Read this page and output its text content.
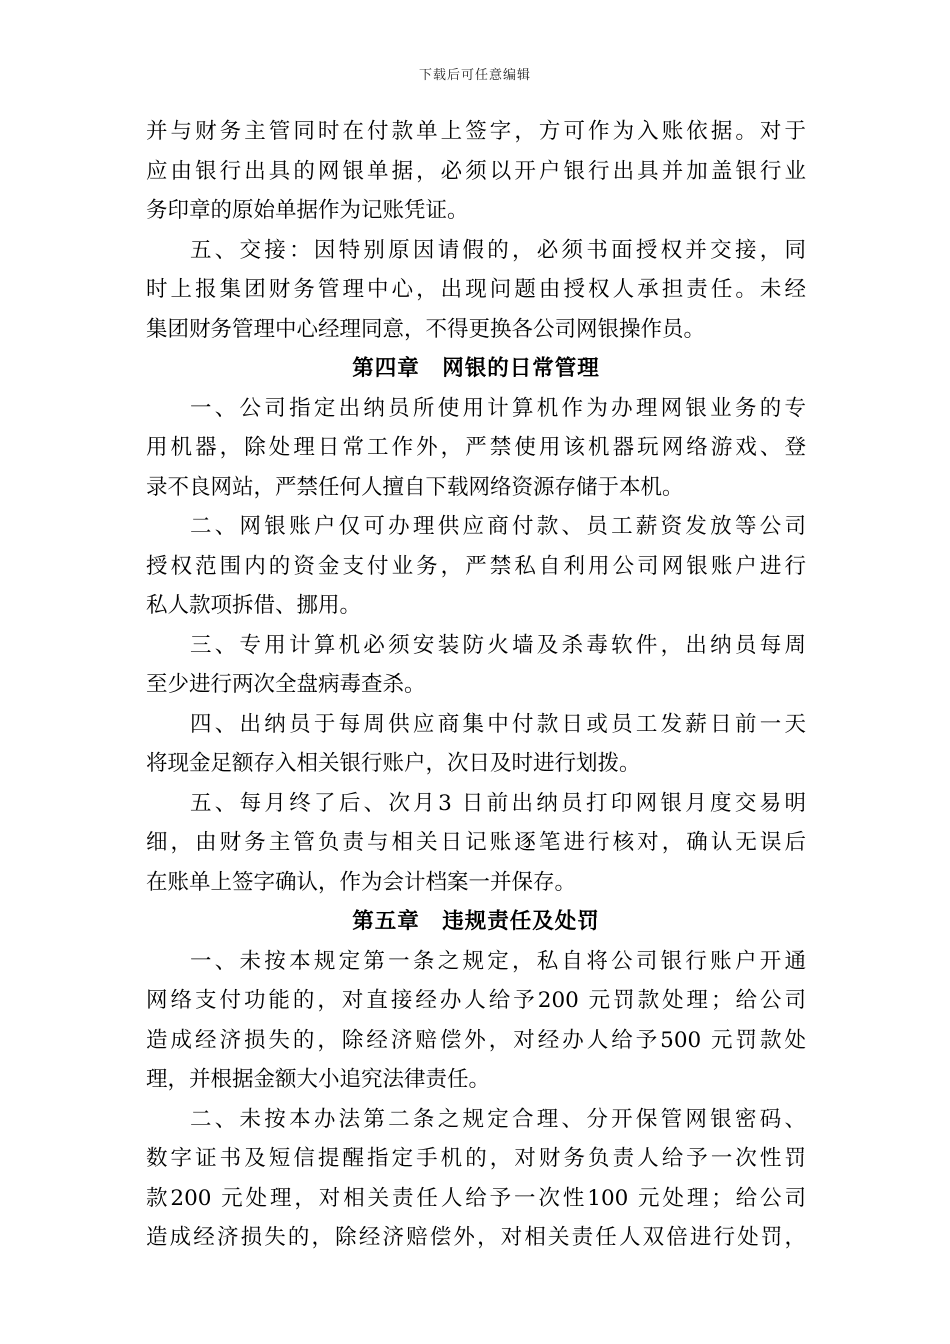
下载后可任意编辑
并与财务主管同时在付款单上签字，方可作为入账依据。对于
应由银行出具的网银单据，必须以开户银行出具并加盖银行业
务印章的原始单据作为记账凭证。
五、交接：因特别原因请假的，必须书面授权并交接，同
时上报集团财务管理中心，出现问题由授权人承担责任。未经
集团财务管理中心经理同意，不得更换各公司网银操作员。
第四章　网银的日常管理
一、公司指定出纳员所使用计算机作为办理网银业务的专
用机器，除处理日常工作外，严禁使用该机器玩网络游戏、登
录不良网站，严禁任何人擅自下载网络资源存储于本机。
二、网银账户仅可办理供应商付款、员工薪资发放等公司
授权范围内的资金支付业务，严禁私自利用公司网银账户进行
私人款项拆借、挪用。
三、专用计算机必须安装防火墙及杀毒软件，出纳员每周
至少进行两次全盘病毒查杀。
四、出纳员于每周供应商集中付款日或员工发薪日前一天
将现金足额存入相关银行账户，次日及时进行划拨。
五、每月终了后、次月3 日前出纳员打印网银月度交易明
细，由财务主管负责与相关日记账逐笔进行核对，确认无误后
在账单上签字确认，作为会计档案一并保存。
第五章　违规责任及处罚
一、未按本规定第一条之规定，私自将公司银行账户开通
网络支付功能的，对直接经办人给予200 元罚款处理；给公司
造成经济损失的，除经济赔偿外，对经办人给予500 元罚款处
理，并根据金额大小追究法律责任。
二、未按本办法第二条之规定合理、分开保管网银密码、
数字证书及短信提醒指定手机的，对财务负责人给予一次性罚
款200 元处理，对相关责任人给予一次性100 元处理；给公司
造成经济损失的，除经济赔偿外，对相关责任人双倍进行处罚，
